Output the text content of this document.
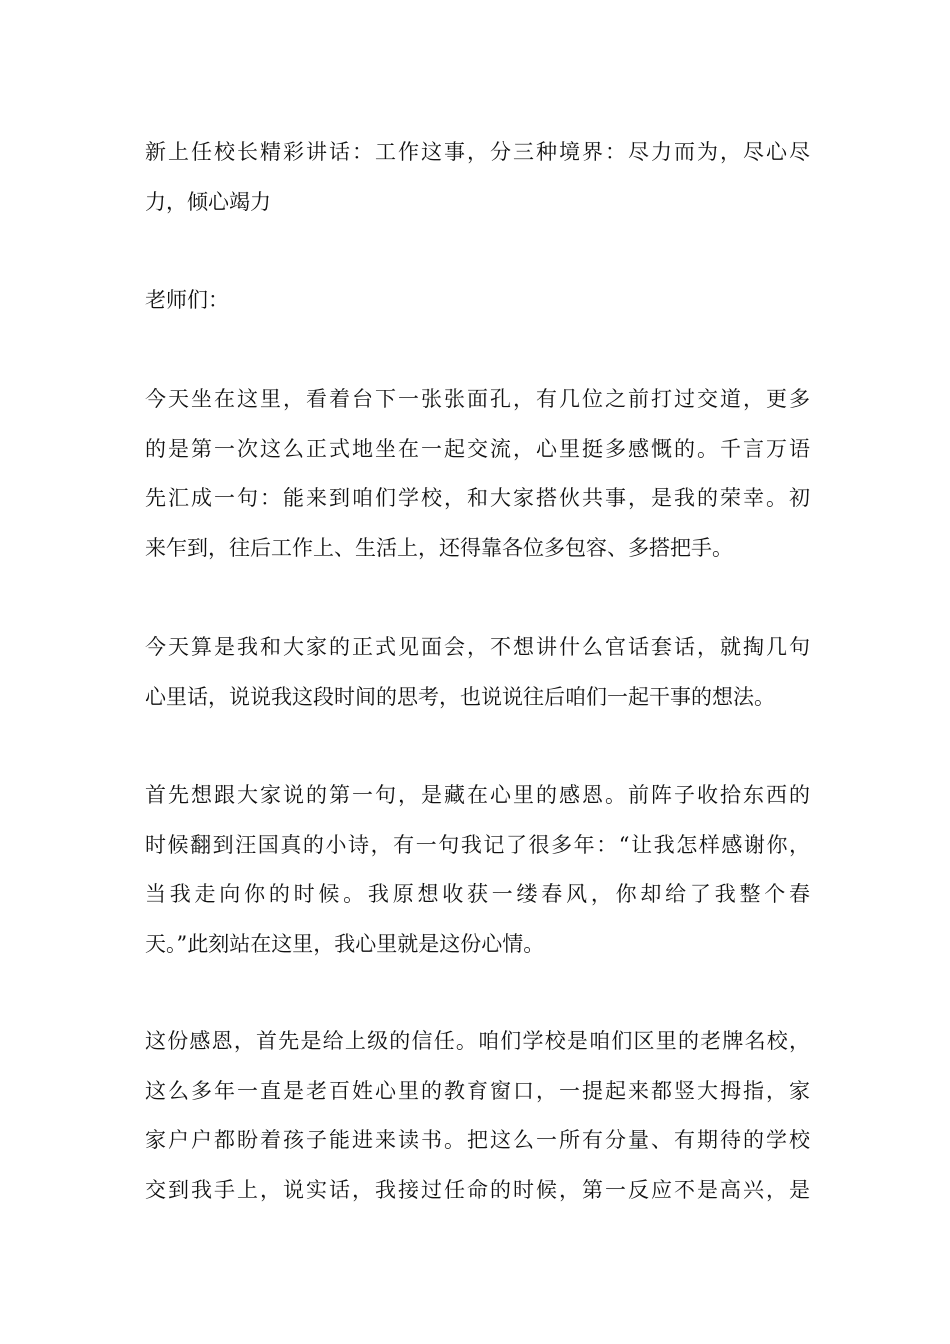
新上任校长精彩讲话：工作这事，分三种境界：尽力而为，尽心尽
力，倾心竭力
老师们：
今天坐在这里，看着台下一张张面孔，有几位之前打过交道，更多
的是第一次这么正式地坐在一起交流，心里挺多感慨的。千言万语
先汇成一句：能来到咱们学校，和大家搭伙共事，是我的荣幸。初
来乍到，往后工作上、生活上，还得靠各位多包容、多搭把手。
今天算是我和大家的正式见面会，不想讲什么官话套话，就掏几句
心里话，说说我这段时间的思考，也说说往后咱们一起干事的想法。
首先想跟大家说的第一句，是藏在心里的感恩。前阵子收拾东西的
时候翻到汪国真的小诗，有一句我记了很多年：“让我怎样感谢你，
当我走向你的时候。我原想收获一缕春风，你却给了我整个春
天。”此刻站在这里，我心里就是这份心情。
这份感恩，首先是给上级的信任。咱们学校是咱们区里的老牌名校，
这么多年一直是老百姓心里的教育窗口，一提起来都竖大拇指，家
家户户都盼着孩子能进来读书。把这么一所有分量、有期待的学校
交到我手上，说实话，我接过任命的时候，第一反应不是高兴，是
